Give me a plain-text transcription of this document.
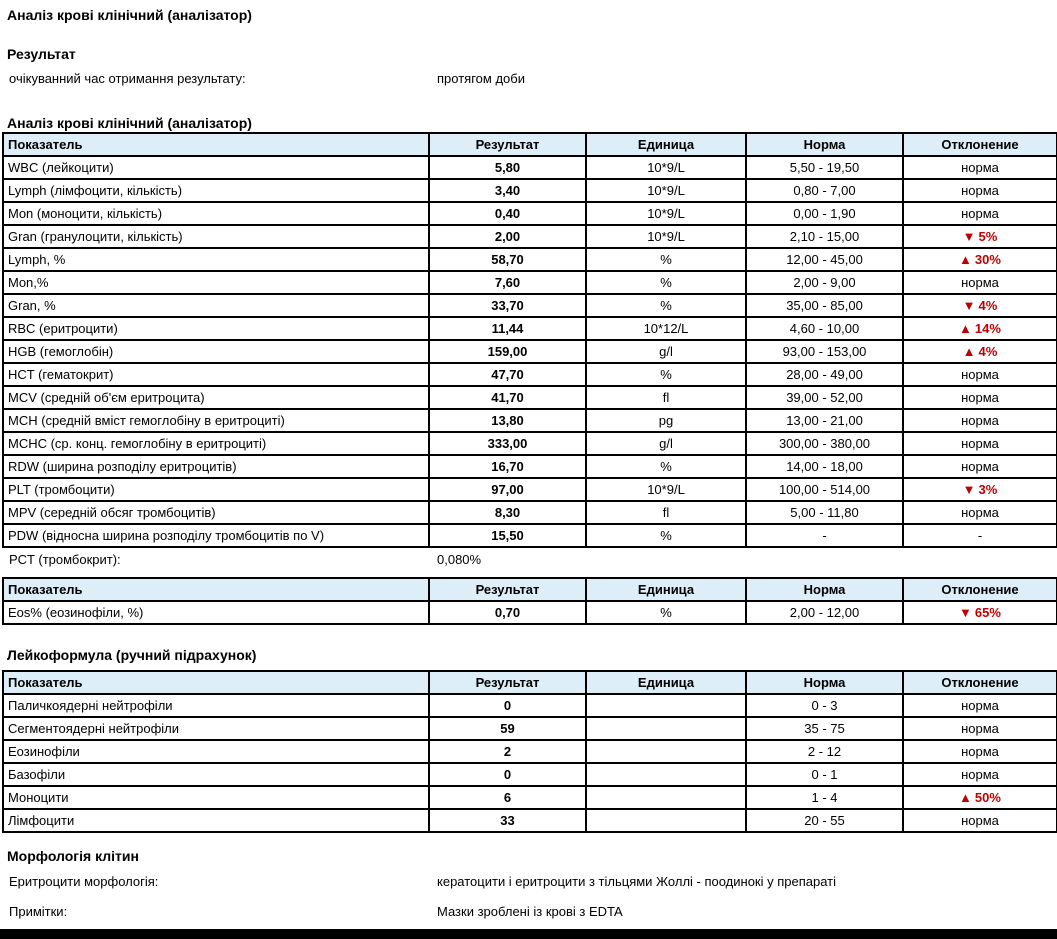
Аналіз крові клінічний (аналізатор)
Результат
очікуванний час отримання результату:	протягом доби
Аналіз крові клінічний (аналізатор)
Показатель	Результат	Единица	Норма	Отклонение
WBC (лейкоцити)	5,80	10*9/L	5,50 - 19,50	норма
Lymph (лімфоцити, кількість)	3,40	10*9/L	0,80 - 7,00	норма
Mon (моноцити, кількість)	0,40	10*9/L	0,00 - 1,90	норма
Gran (гранулоцити, кількість)	2,00	10*9/L	2,10 - 15,00	▼ 5%
Lymph, %	58,70	%	12,00 - 45,00	▲ 30%
Mon,%	7,60	%	2,00 - 9,00	норма
Gran, %	33,70	%	35,00 - 85,00	▼ 4%
RBC (еритроцити)	11,44	10*12/L	4,60 - 10,00	▲ 14%
HGB (гемоглобін)	159,00	g/l	93,00 - 153,00	▲ 4%
HCT (гематокрит)	47,70	%	28,00 - 49,00	норма
MCV (средній об'єм еритроцита)	41,70	fl	39,00 - 52,00	норма
MCH (средній вміст гемоглобіну в еритроциті)	13,80	pg	13,00 - 21,00	норма
MCHC (ср. конц. гемоглобіну в еритроциті)	333,00	g/l	300,00 - 380,00	норма
RDW (ширина розподілу еритроцитів)	16,70	%	14,00 - 18,00	норма
PLT (тромбоцити)	97,00	10*9/L	100,00 - 514,00	▼ 3%
MPV (середній обсяг тромбоцитів)	8,30	fl	5,00 - 11,80	норма
PDW (відносна ширина розподілу тромбоцитів по V)	15,50	%	-	-
PCT (тромбокрит):	0,080%
Показатель	Результат	Единица	Норма	Отклонение
Eos% (еозинофіли, %)	0,70	%	2,00 - 12,00	▼ 65%
Лейкоформула (ручний підрахунок)
Показатель	Результат	Единица	Норма	Отклонение
Паличкоядерні нейтрофіли	0		0 - 3	норма
Сегментоядерні нейтрофіли	59		35 - 75	норма
Еозинофіли	2		2 - 12	норма
Базофіли	0		0 - 1	норма
Моноцити	6		1 - 4	▲ 50%
Лімфоцити	33		20 - 55	норма
Морфологія клітин
Еритроцити морфологія:	кератоцити і еритроцити з тільцями Жоллі - поодинокі у препараті
Примітки:	Мазки зроблені із крові з EDTA
